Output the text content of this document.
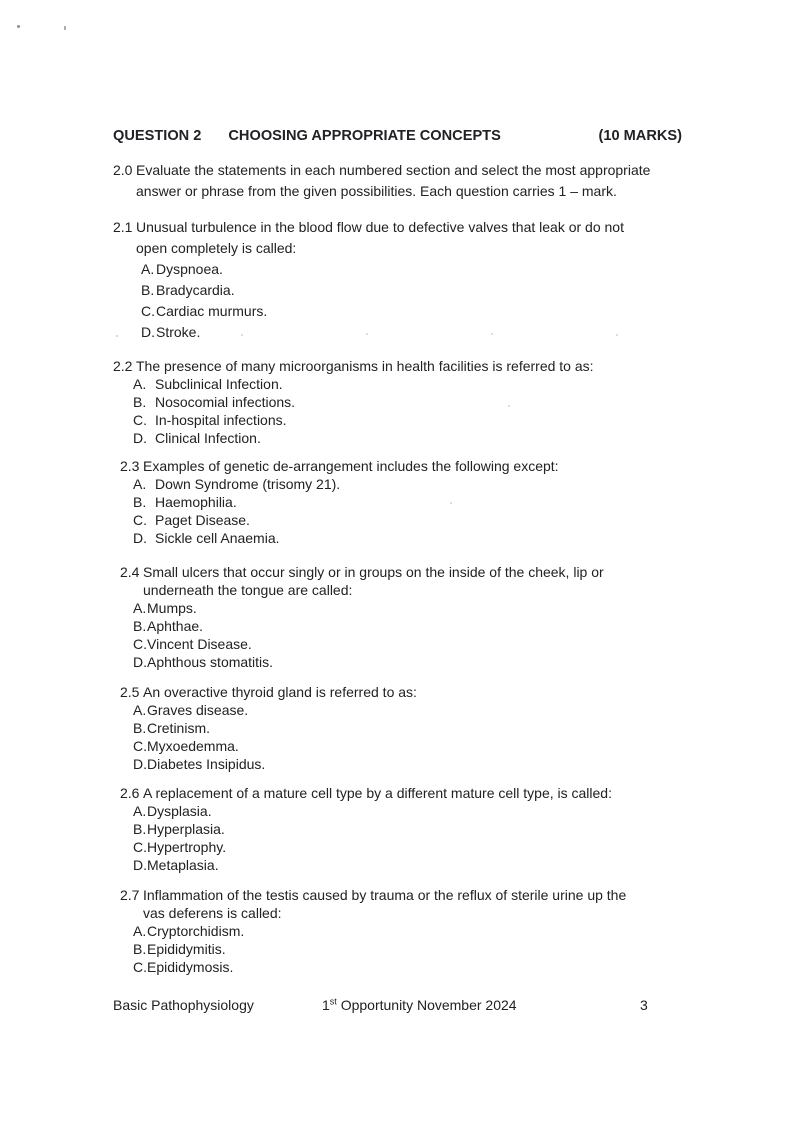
QUESTION 2 CHOOSING APPROPRIATE CONCEPTS	(10 MARKS)
2.0 Evaluate the statements in each numbered section and select the most appropriate answer or phrase from the given possibilities. Each question carries 1 – mark.
2.1 Unusual turbulence in the blood flow due to defective valves that leak or do not open completely is called:
A. Dyspnoea.
B. Bradycardia.
C. Cardiac murmurs.
D. Stroke.
2.2 The presence of many microorganisms in health facilities is referred to as:
A. Subclinical Infection.
B. Nosocomial infections.
C. In-hospital infections.
D. Clinical Infection.
2.3 Examples of genetic de-arrangement includes the following except:
A. Down Syndrome (trisomy 21).
B. Haemophilia.
C. Paget Disease.
D. Sickle cell Anaemia.
2.4 Small ulcers that occur singly or in groups on the inside of the cheek, lip or underneath the tongue are called:
A. Mumps.
B. Aphthae.
C. Vincent Disease.
D. Aphthous stomatitis.
2.5 An overactive thyroid gland is referred to as:
A. Graves disease.
B. Cretinism.
C. Myxoedemma.
D. Diabetes Insipidus.
2.6 A replacement of a mature cell type by a different mature cell type, is called:
A. Dysplasia.
B. Hyperplasia.
C. Hypertrophy.
D. Metaplasia.
2.7 Inflammation of the testis caused by trauma or the reflux of sterile urine up the vas deferens is called:
A. Cryptorchidism.
B. Epididymitis.
C. Epididymosis.
Basic Pathophysiology	1st Opportunity November 2024	3
